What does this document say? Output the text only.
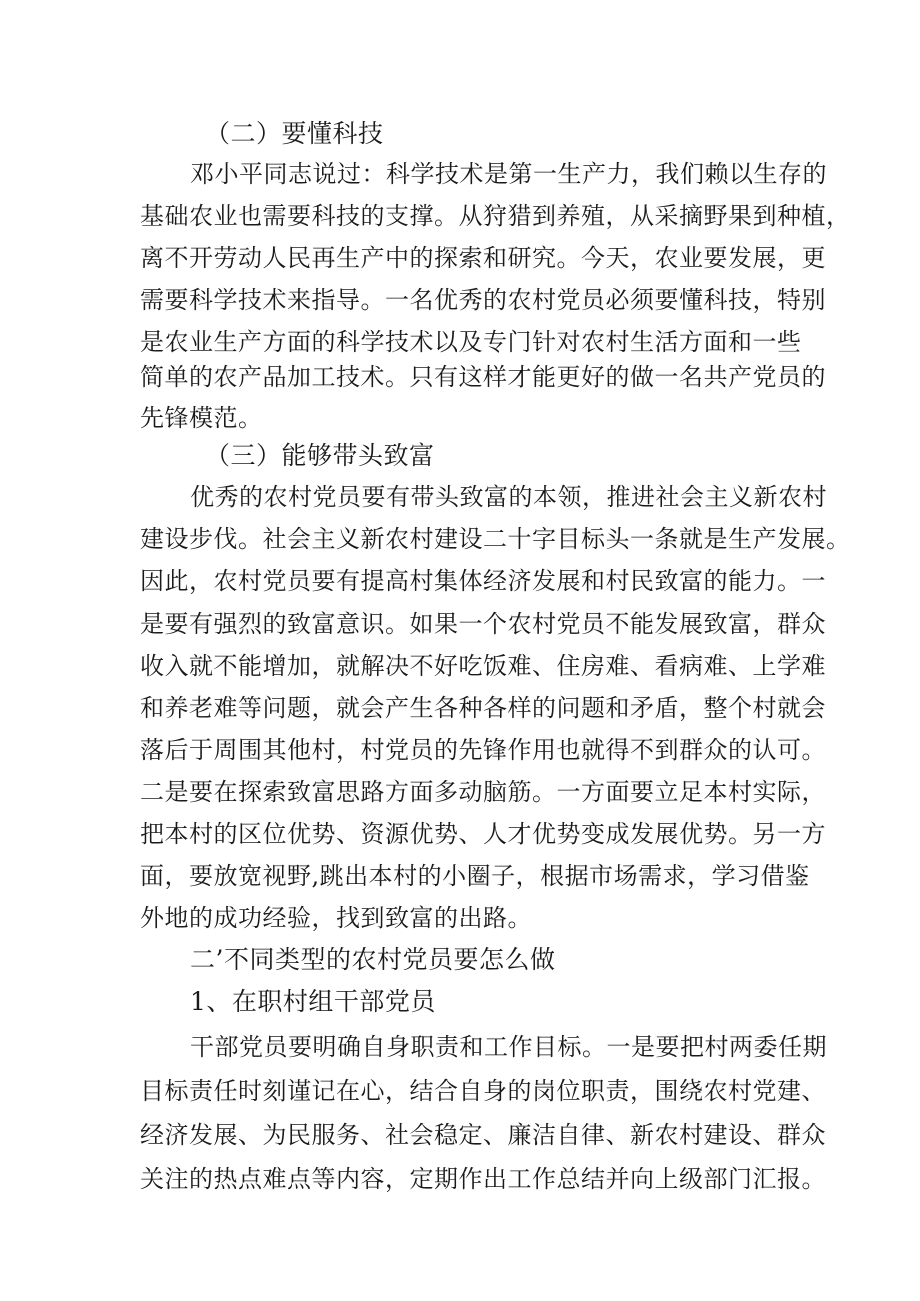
（二）要懂科技
邓小平同志说过：科学技术是第一生产力，我们赖以生存的
基础农业也需要科技的支撑。从狩猎到养殖，从采摘野果到种植，
离不开劳动人民再生产中的探索和研究。今天，农业要发展，更
需要科学技术来指导。一名优秀的农村党员必须要懂科技，特别
是农业生产方面的科学技术以及专门针对农村生活方面和一些
简单的农产品加工技术。只有这样才能更好的做一名共产党员的
先锋模范。
（三）能够带头致富
优秀的农村党员要有带头致富的本领，推进社会主义新农村
建设步伐。社会主义新农村建设二十字目标头一条就是生产发展。
因此，农村党员要有提高村集体经济发展和村民致富的能力。一
是要有强烈的致富意识。如果一个农村党员不能发展致富，群众
收入就不能增加，就解决不好吃饭难、住房难、看病难、上学难
和养老难等问题，就会产生各种各样的问题和矛盾，整个村就会
落后于周围其他村，村党员的先锋作用也就得不到群众的认可。
二是要在探索致富思路方面多动脑筋。一方面要立足本村实际，
把本村的区位优势、资源优势、人才优势变成发展优势。另一方
面，要放宽视野,跳出本村的小圈子，根据市场需求，学习借鉴
外地的成功经验，找到致富的出路。
二’不同类型的农村党员要怎么做
1、在职村组干部党员
干部党员要明确自身职责和工作目标。一是要把村两委任期
目标责任时刻谨记在心，结合自身的岗位职责，围绕农村党建、
经济发展、为民服务、社会稳定、廉洁自律、新农村建设、群众
关注的热点难点等内容，定期作出工作总结并向上级部门汇报。
